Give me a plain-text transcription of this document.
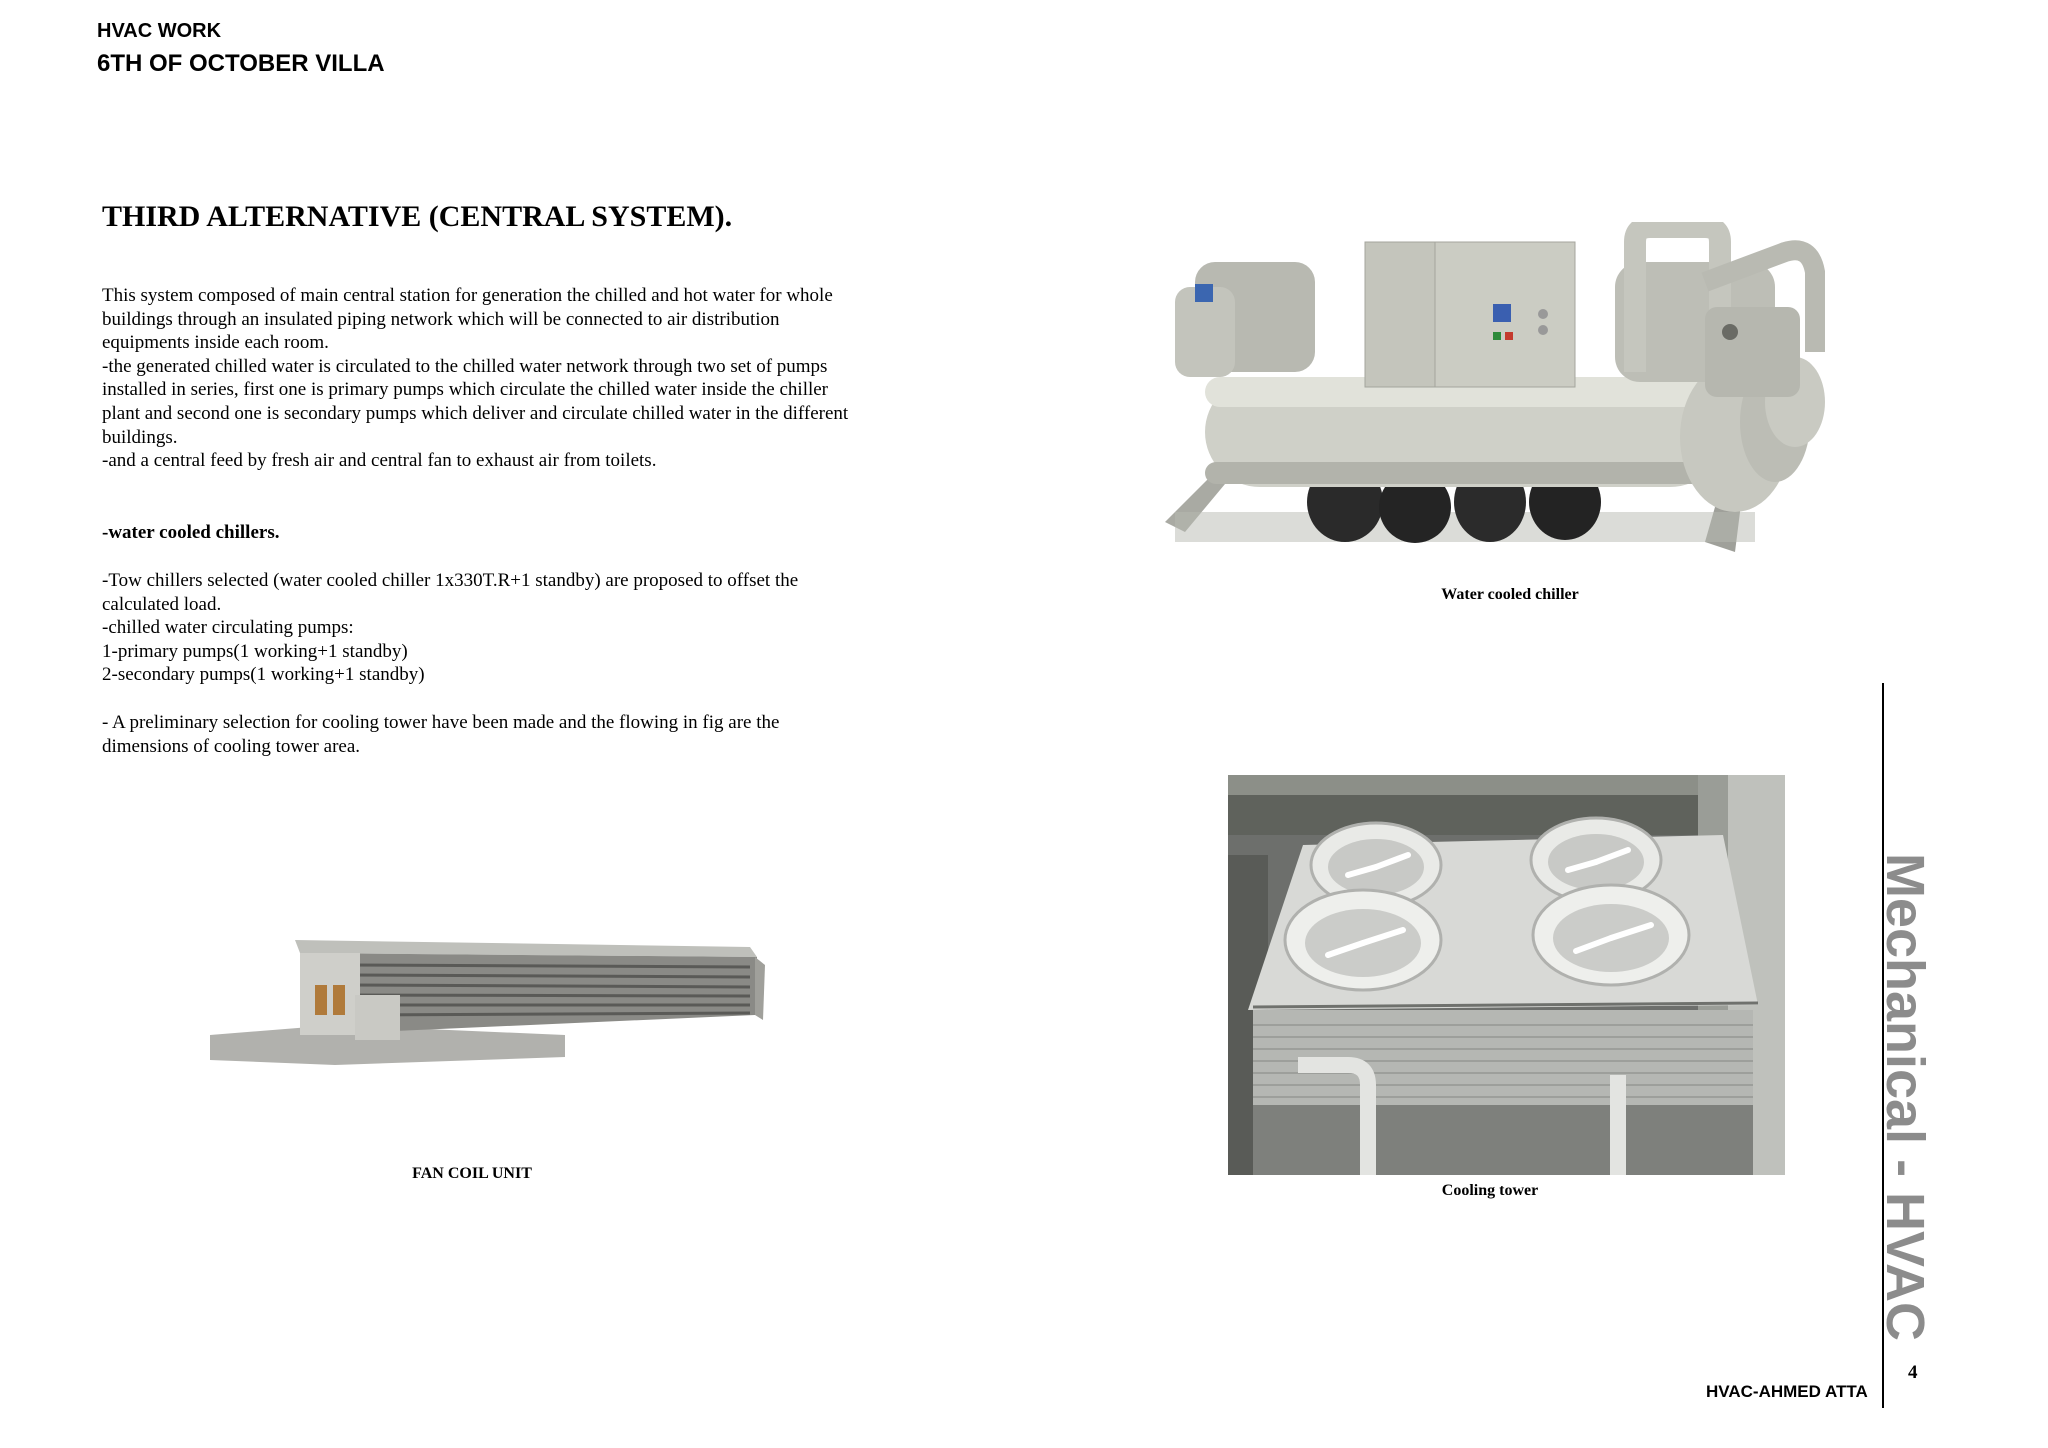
HVAC WORK
6TH OF OCTOBER VILLA
THIRD ALTERNATIVE (CENTRAL SYSTEM).
This system composed of main central station for generation the chilled and hot water for whole
buildings through an insulated piping network which will be connected to air distribution
equipments inside each room.
-the generated chilled water is circulated to the chilled water network through two set of pumps
installed in series, first one is primary pumps which circulate the chilled water inside the chiller
plant and second one is secondary pumps which deliver and circulate chilled water in the different
buildings.
-and a central feed by fresh air and central fan to exhaust air from toilets.
-water cooled chillers.
-Tow chillers selected (water cooled chiller 1x330T.R+1 standby) are proposed to offset the
calculated load.
-chilled water circulating pumps:
1-primary pumps(1 working+1 standby)
2-secondary pumps(1 working+1 standby)
- A preliminary selection for cooling tower have been made and the flowing in fig are the
dimensions of cooling tower area.
Water cooled chiller
FAN COIL UNIT
Cooling tower	Mechanical - HVAC
4
HVAC-AHMED ATTA
